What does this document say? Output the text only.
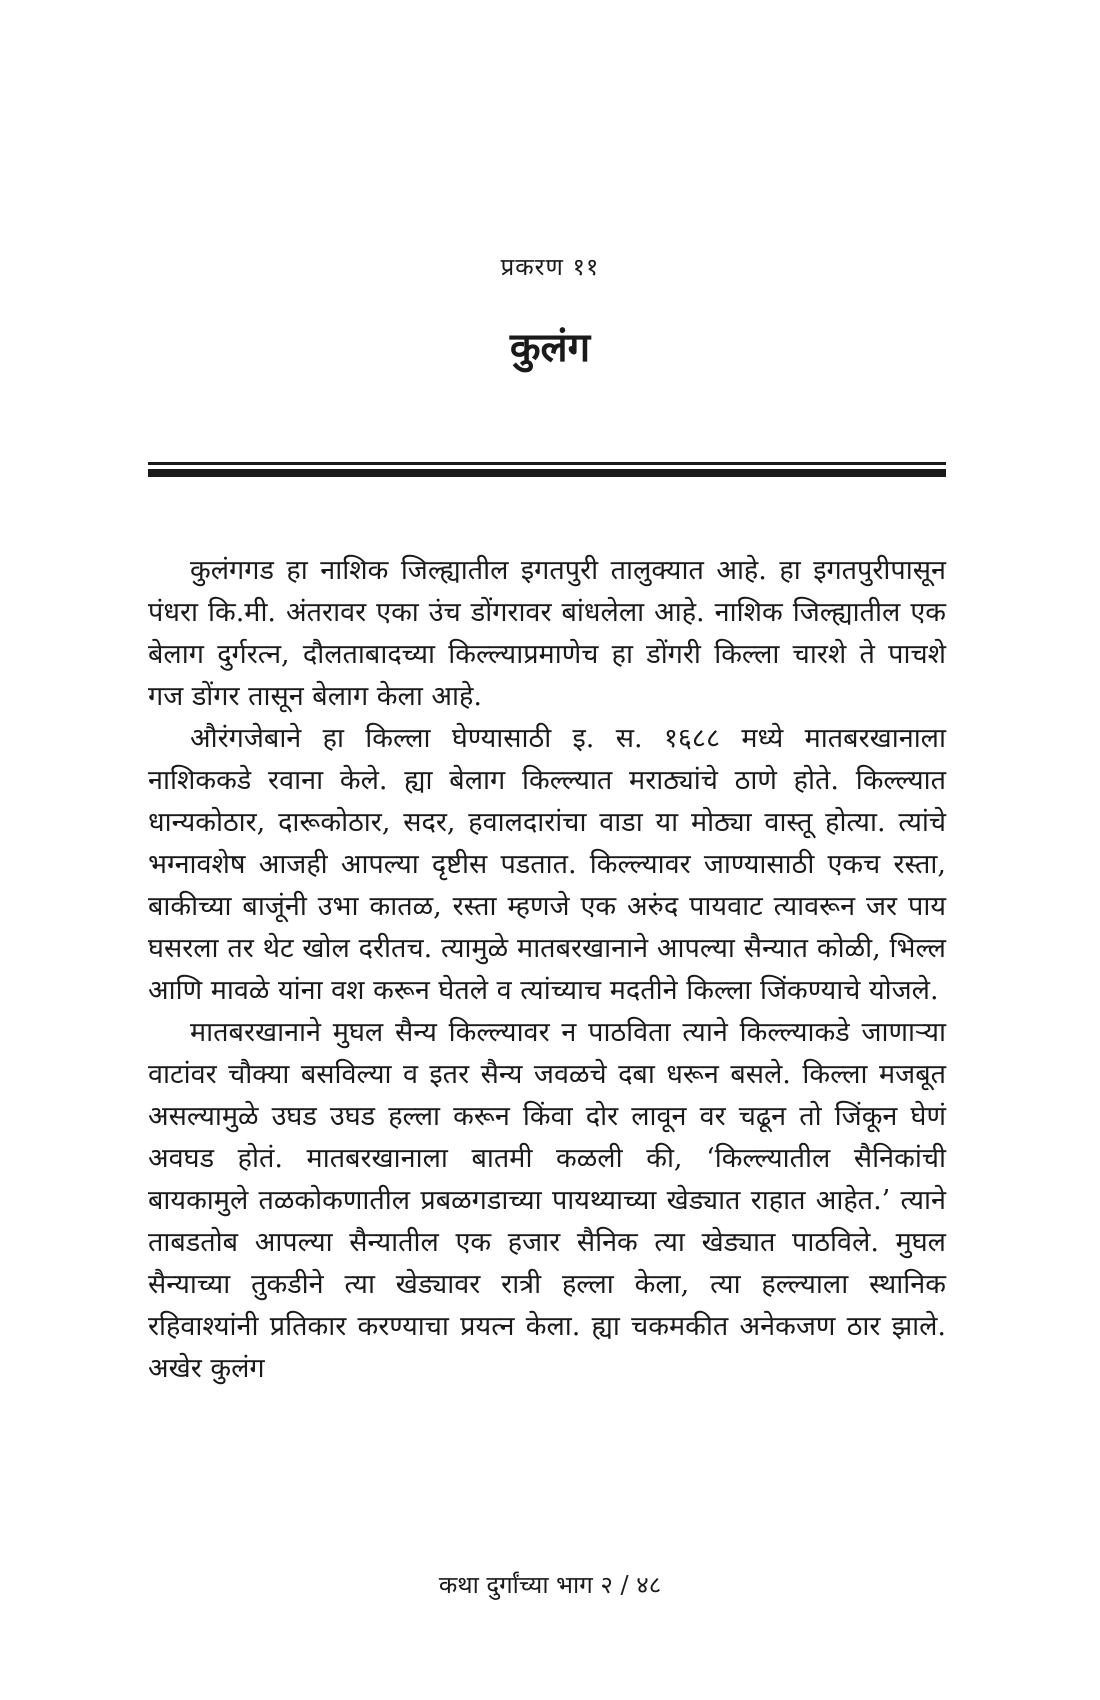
प्रकरण ११
कुलंग

कुलंगगड हा नाशिक जिल्ह्यातील इगतपुरी तालुक्यात आहे. हा इगतपुरीपासून पंधरा कि.मी. अंतरावर एका उंच डोंगरावर बांधलेला आहे. नाशिक जिल्ह्यातील एक बेलाग दुर्गरत्न, दौलताबादच्या किल्ल्याप्रमाणेच हा डोंगरी किल्ला चारशे ते पाचशे गज डोंगर तासून बेलाग केला आहे.

औरंगजेबाने हा किल्ला घेण्यासाठी इ. स. १६८८ मध्ये मातबरखानाला नाशिककडे रवाना केले. ह्या बेलाग किल्ल्यात मराठ्यांचे ठाणे होते. किल्ल्यात धान्यकोठार, दारूकोठार, सदर, हवालदारांचा वाडा या मोठ्या वास्तू होत्या. त्यांचे भग्नावशेष आजही आपल्या दृष्टीस पडतात. किल्ल्यावर जाण्यासाठी एकच रस्ता, बाकीच्या बाजूंनी उभा कातळ, रस्ता म्हणजे एक अरुंद पायवाट त्यावरून जर पाय घसरला तर थेट खोल दरीतच. त्यामुळे मातबरखानाने आपल्या सैन्यात कोळी, भिल्ल आणि मावळे यांना वश करून घेतले व त्यांच्याच मदतीने किल्ला जिंकण्याचे योजले.

मातबरखानाने मुघल सैन्य किल्ल्यावर न पाठविता त्याने किल्ल्याकडे जाणाऱ्या वाटांवर चौक्या बसविल्या व इतर सैन्य जवळचे दबा धरून बसले. किल्ला मजबूत असल्यामुळे उघड उघड हल्ला करून किंवा दोर लावून वर चढून तो जिंकून घेणं अवघड होतं. मातबरखानाला बातमी कळली की, ‘किल्ल्यातील सैनिकांची बायकामुले तळकोकणातील प्रबळगडाच्या पायथ्याच्या खेड्यात राहात आहेत.’ त्याने ताबडतोब आपल्या सैन्यातील एक हजार सैनिक त्या खेड्यात पाठविले. मुघल सैन्याच्या तुकडीने त्या खेड्यावर रात्री हल्ला केला, त्या हल्ल्याला स्थानिक रहिवाश्यांनी प्रतिकार करण्याचा प्रयत्न केला. ह्या चकमकीत अनेकजण ठार झाले. अखेर कुलंग

कथा दुर्गांच्या भाग २ / ४८
